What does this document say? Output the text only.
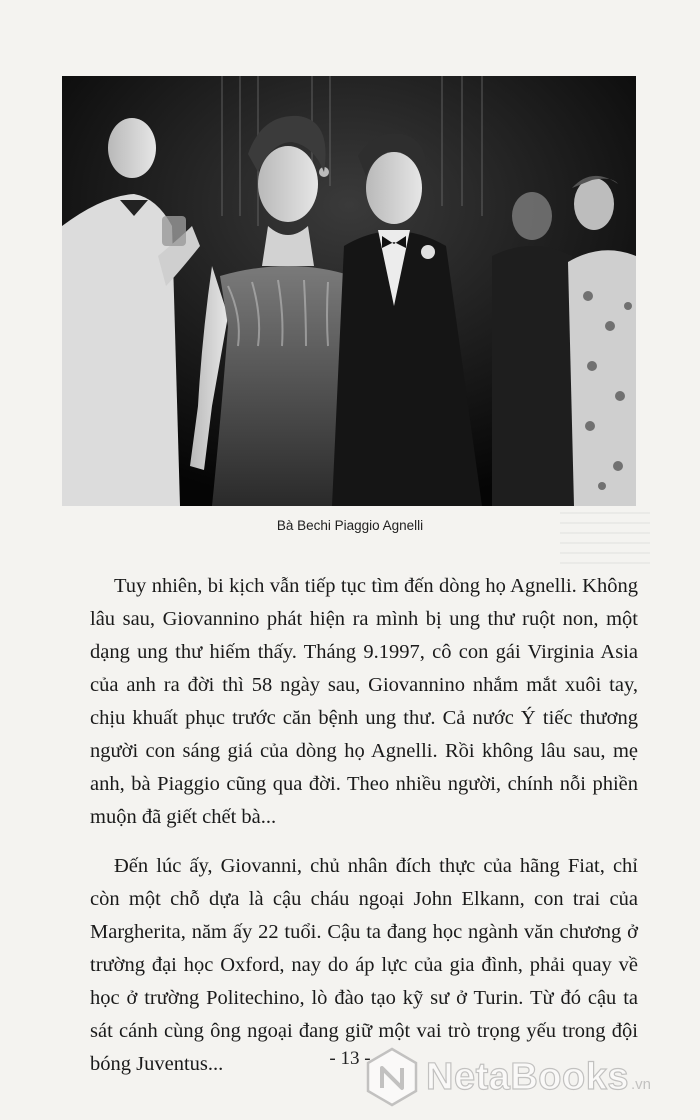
Bà Bechi Piaggio Agnelli

Tuy nhiên, bi kịch vẫn tiếp tục tìm đến dòng họ Agnelli. Không lâu sau, Giovannino phát hiện ra mình bị ung thư ruột non, một dạng ung thư hiếm thấy. Tháng 9.1997, cô con gái Virginia Asia của anh ra đời thì 58 ngày sau, Giovannino nhắm mắt xuôi tay, chịu khuất phục trước căn bệnh ung thư. Cả nước Ý tiếc thương người con sáng giá của dòng họ Agnelli. Rồi không lâu sau, mẹ anh, bà Piaggio cũng qua đời. Theo nhiều người, chính nỗi phiền muộn đã giết chết bà...

Đến lúc ấy, Giovanni, chủ nhân đích thực của hãng Fiat, chỉ còn một chỗ dựa là cậu cháu ngoại John Elkann, con trai của Margherita, năm ấy 22 tuổi. Cậu ta đang học ngành văn chương ở trường đại học Oxford, nay do áp lực của gia đình, phải quay về học ở trường Politechino, lò đào tạo kỹ sư ở Turin. Từ đó cậu ta sát cánh cùng ông ngoại đang giữ một vai trò trọng yếu trong đội bóng Juventus...	- 13 -	NetaBooks .vn
